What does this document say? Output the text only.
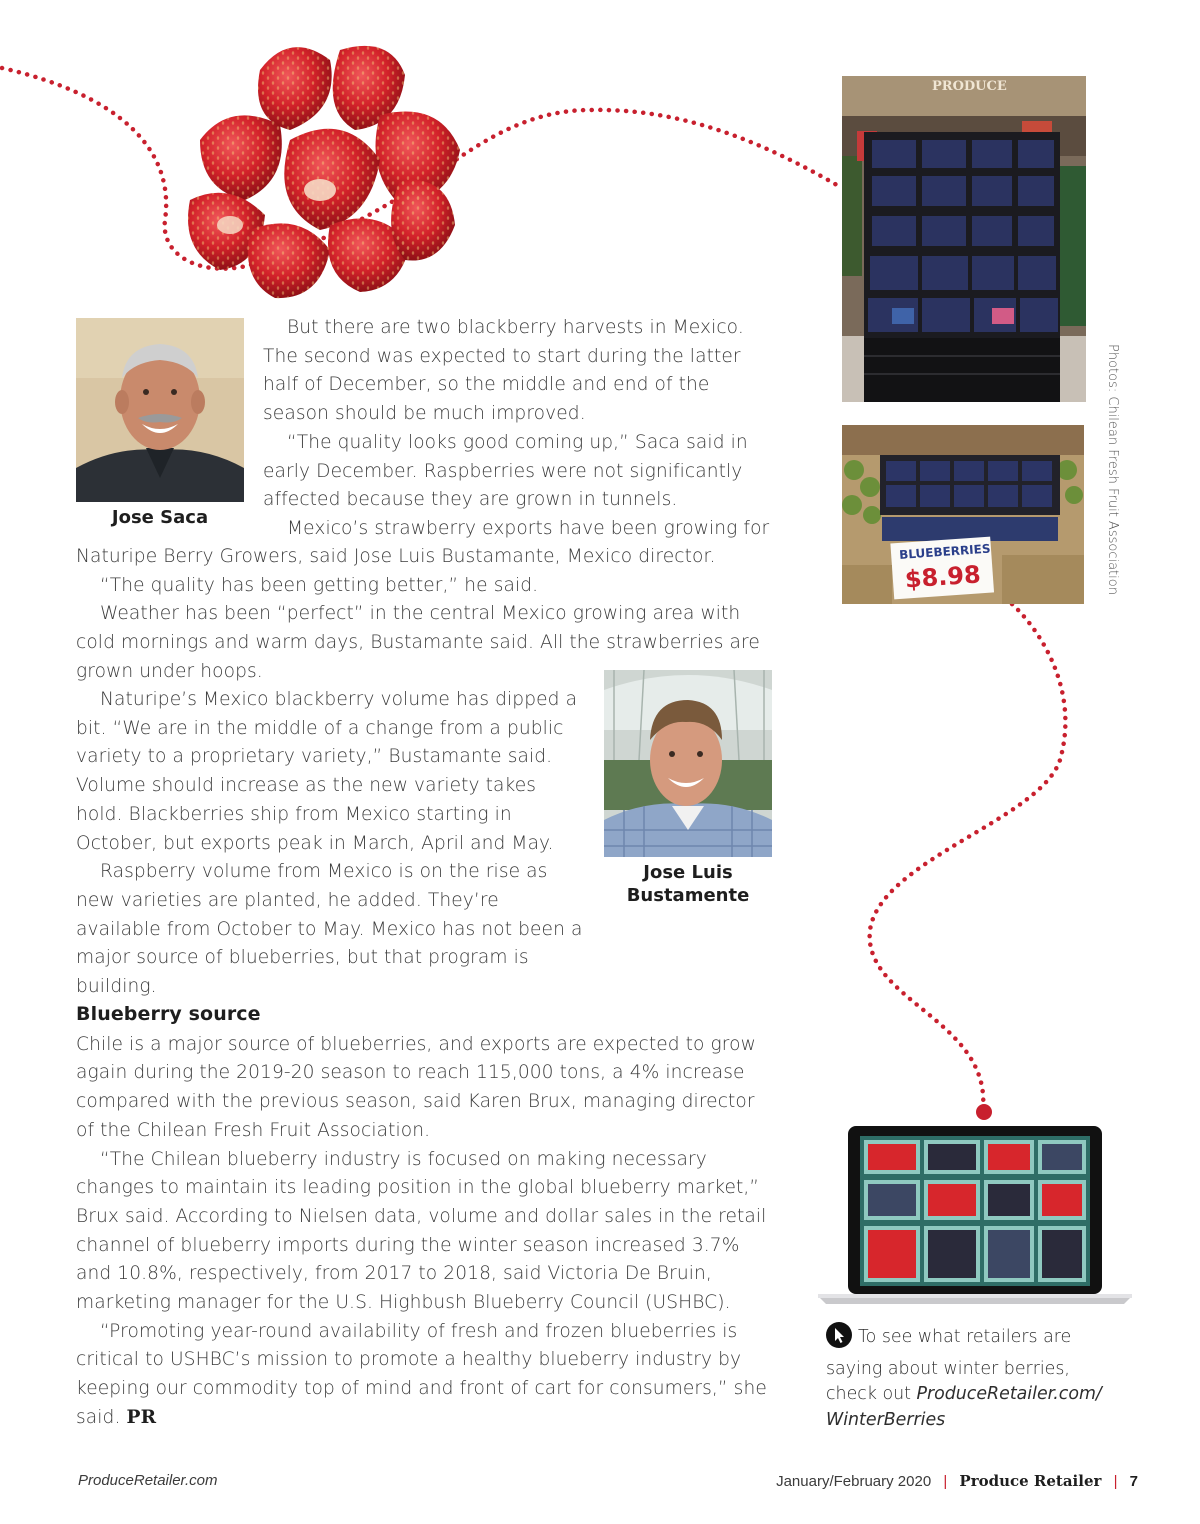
PRODUCE
BLUEBERRIES
$8.98	Photos: Chilean Fresh Fruit Association
Jose Saca

But there are two blackberry harvests in Mexico. The second was expected to start during the latter half of December, so the middle and end of the season should be much improved.

“The quality looks good coming up,” Saca said in early December. Raspberries were not significantly affected because they are grown in tunnels.

Mexico’s strawberry exports have been growing for

Naturipe Berry Growers, said Jose Luis Bustamante, Mexico director.

“The quality has been getting better,” he said.

Weather has been “perfect” in the central Mexico growing area with cold mornings and warm days, Bustamante said. All the strawberries are grown under hoops.

Naturipe’s Mexico blackberry volume has dipped a bit. “We are in the middle of a change from a public variety to a proprietary variety,” Bustamante said. Volume should increase as the new variety takes hold. Blackberries ship from Mexico starting in October, but exports peak in March, April and May.

Raspberry volume from Mexico is on the rise as new varieties are planted, he added. They’re available from October to May. Mexico has not been a major source of blueberries, but that program is building.

Jose Luis
Bustamente
Blueberry source

Chile is a major source of blueberries, and exports are expected to grow again during the 2019-20 season to reach 115,000 tons, a 4% increase compared with the previous season, said Karen Brux, managing director of the Chilean Fresh Fruit Association.

“The Chilean blueberry industry is focused on making necessary changes to maintain its leading position in the global blueberry market,” Brux said. According to Nielsen data, volume and dollar sales in the retail channel of blueberry imports during the winter season increased 3.7% and 10.8%, respectively, from 2017 to 2018, said Victoria De Bruin, marketing manager for the U.S. Highbush Blueberry Council (USHBC).

“Promoting year-round availability of fresh and frozen blueberries is critical to USHBC’s mission to promote a healthy blueberry industry by keeping our commodity top of mind and front of cart for consumers,” she said. PR

To see what retailers are
saying about winter berries,
check out ProduceRetailer.com/
WinterBerries
ProduceRetailer.com	January/February 2020 | Produce Retailer | 7
